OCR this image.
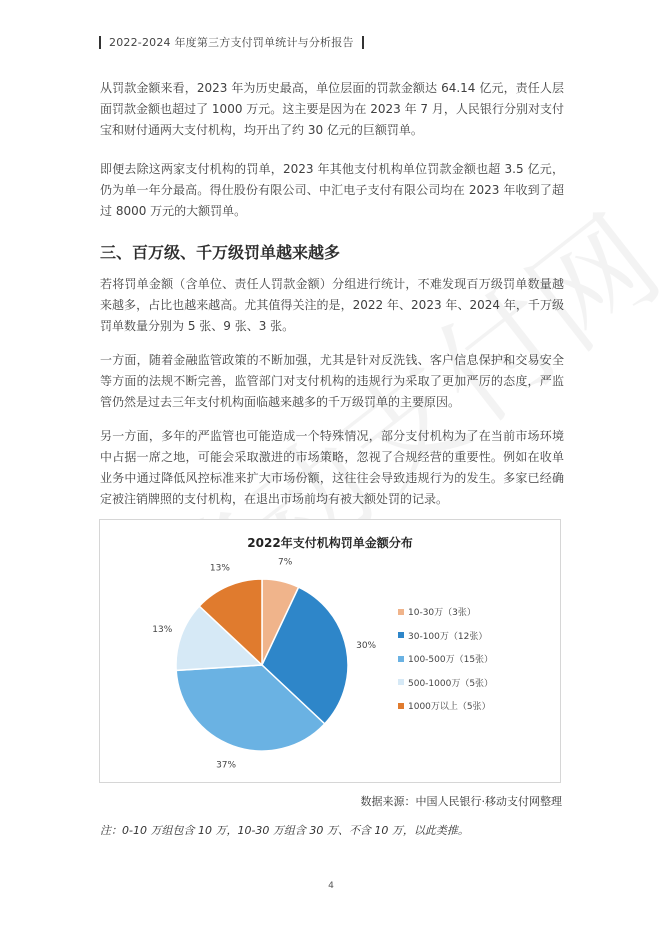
2022-2024 年度第三方支付罚单统计与分析报告

从罚款金额来看，2023 年为历史最高，单位层面的罚款金额达 64.14 亿元，责任人层面罚款金额也超过了 1000 万元。这主要是因为在 2023 年 7 月，人民银行分别对支付宝和财付通两大支付机构，均开出了约 30 亿元的巨额罚单。

即便去除这两家支付机构的罚单，2023 年其他支付机构单位罚款金额也超 3.5 亿元，仍为单一年分最高。得仕股份有限公司、中汇电子支付有限公司均在 2023 年收到了超过 8000 万元的大额罚单。

三、百万级、千万级罚单越来越多

若将罚单金额（含单位、责任人罚款金额）分组进行统计，不难发现百万级罚单数量越来越多，占比也越来越高。尤其值得关注的是，2022 年、2023 年、2024 年，千万级罚单数量分别为 5 张、9 张、3 张。

一方面，随着金融监管政策的不断加强，尤其是针对反洗钱、客户信息保护和交易安全等方面的法规不断完善，监管部门对支付机构的违规行为采取了更加严厉的态度，严监管仍然是过去三年支付机构面临越来越多的千万级罚单的主要原因。

另一方面，多年的严监管也可能造成一个特殊情况，部分支付机构为了在当前市场环境中占据一席之地，可能会采取激进的市场策略，忽视了合规经营的重要性。例如在收单业务中通过降低风控标准来扩大市场份额，这往往会导致违规行为的发生。多家已经确定被注销牌照的支付机构，在退出市场前均有被大额处罚的记录。

2022年支付机构罚单金额分布
7%
30%
37%
13%
13%
10-30万（3张）
30-100万（12张）
100-500万（15张）
500-1000万（5张）
1000万以上（5张）
数据来源：中国人民银行·移动支付网整理
注：0-10 万组包含 10 万，10-30 万组含 30 万、不含 10 万，以此类推。
4
